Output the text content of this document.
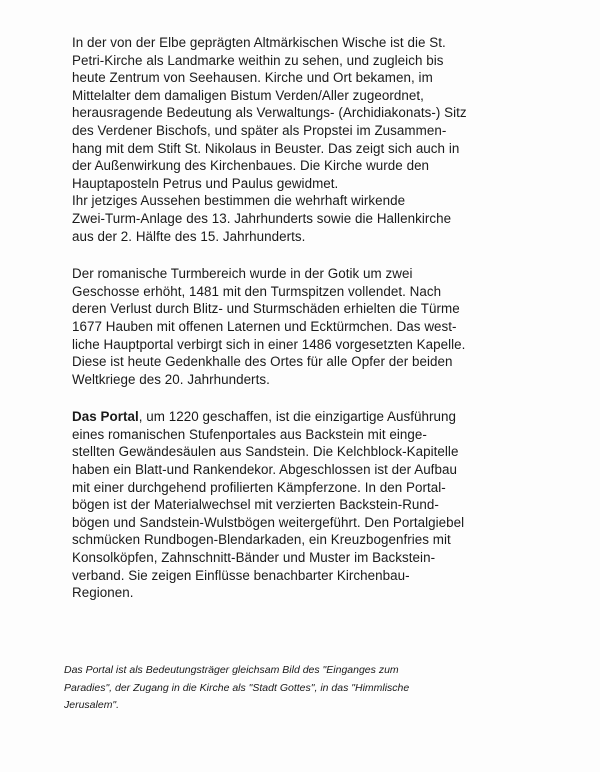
In der von der Elbe geprägten Altmärkischen Wische ist die St.
Petri-Kirche als Landmarke weithin zu sehen, und zugleich bis
heute Zentrum von Seehausen. Kirche und Ort bekamen, im
Mittelalter dem damaligen Bistum Verden/Aller zugeordnet,
herausragende Bedeutung als Verwaltungs- (Archidiakonats-) Sitz
des Verdener Bischofs, und später als Propstei im Zusammen-
hang mit dem Stift St. Nikolaus in Beuster. Das zeigt sich auch in
der Außenwirkung des Kirchenbaues. Die Kirche wurde den
Hauptaposteln Petrus und Paulus gewidmet.
Ihr jetziges Aussehen bestimmen die wehrhaft wirkende
Zwei-Turm-Anlage des 13. Jahrhunderts sowie die Hallenkirche
aus der 2. Hälfte des 15. Jahrhunderts.
Der romanische Turmbereich wurde in der Gotik um zwei
Geschosse erhöht, 1481 mit den Turmspitzen vollendet. Nach
deren Verlust durch Blitz- und Sturmschäden erhielten die Türme
1677 Hauben mit offenen Laternen und Ecktürmchen. Das west-
liche Hauptportal verbirgt sich in einer 1486 vorgesetzten Kapelle.
Diese ist heute Gedenkhalle des Ortes für alle Opfer der beiden
Weltkriege des 20. Jahrhunderts.
Das Portal, um 1220 geschaffen, ist die einzigartige Ausführung
eines romanischen Stufenportales aus Backstein mit einge-
stellten Gewändesäulen aus Sandstein. Die Kelchblock-Kapitelle
haben ein Blatt-und Rankendekor. Abgeschlossen ist der Aufbau
mit einer durchgehend profilierten Kämpferzone. In den Portal-
bögen ist der Materialwechsel mit verzierten Backstein-Rund-
bögen und Sandstein-Wulstbögen weitergeführt. Den Portalgiebel
schmücken Rundbogen-Blendarkaden, ein Kreuzbogenfries mit
Konsolköpfen, Zahnschnitt-Bänder und Muster im Backstein-
verband. Sie zeigen Einflüsse benachbarter Kirchenbau-
Regionen.
Das Portal ist als Bedeutungsträger gleichsam Bild des "Einganges zum
Paradies", der Zugang in die Kirche als "Stadt Gottes", in das "Himmlische
Jerusalem".
